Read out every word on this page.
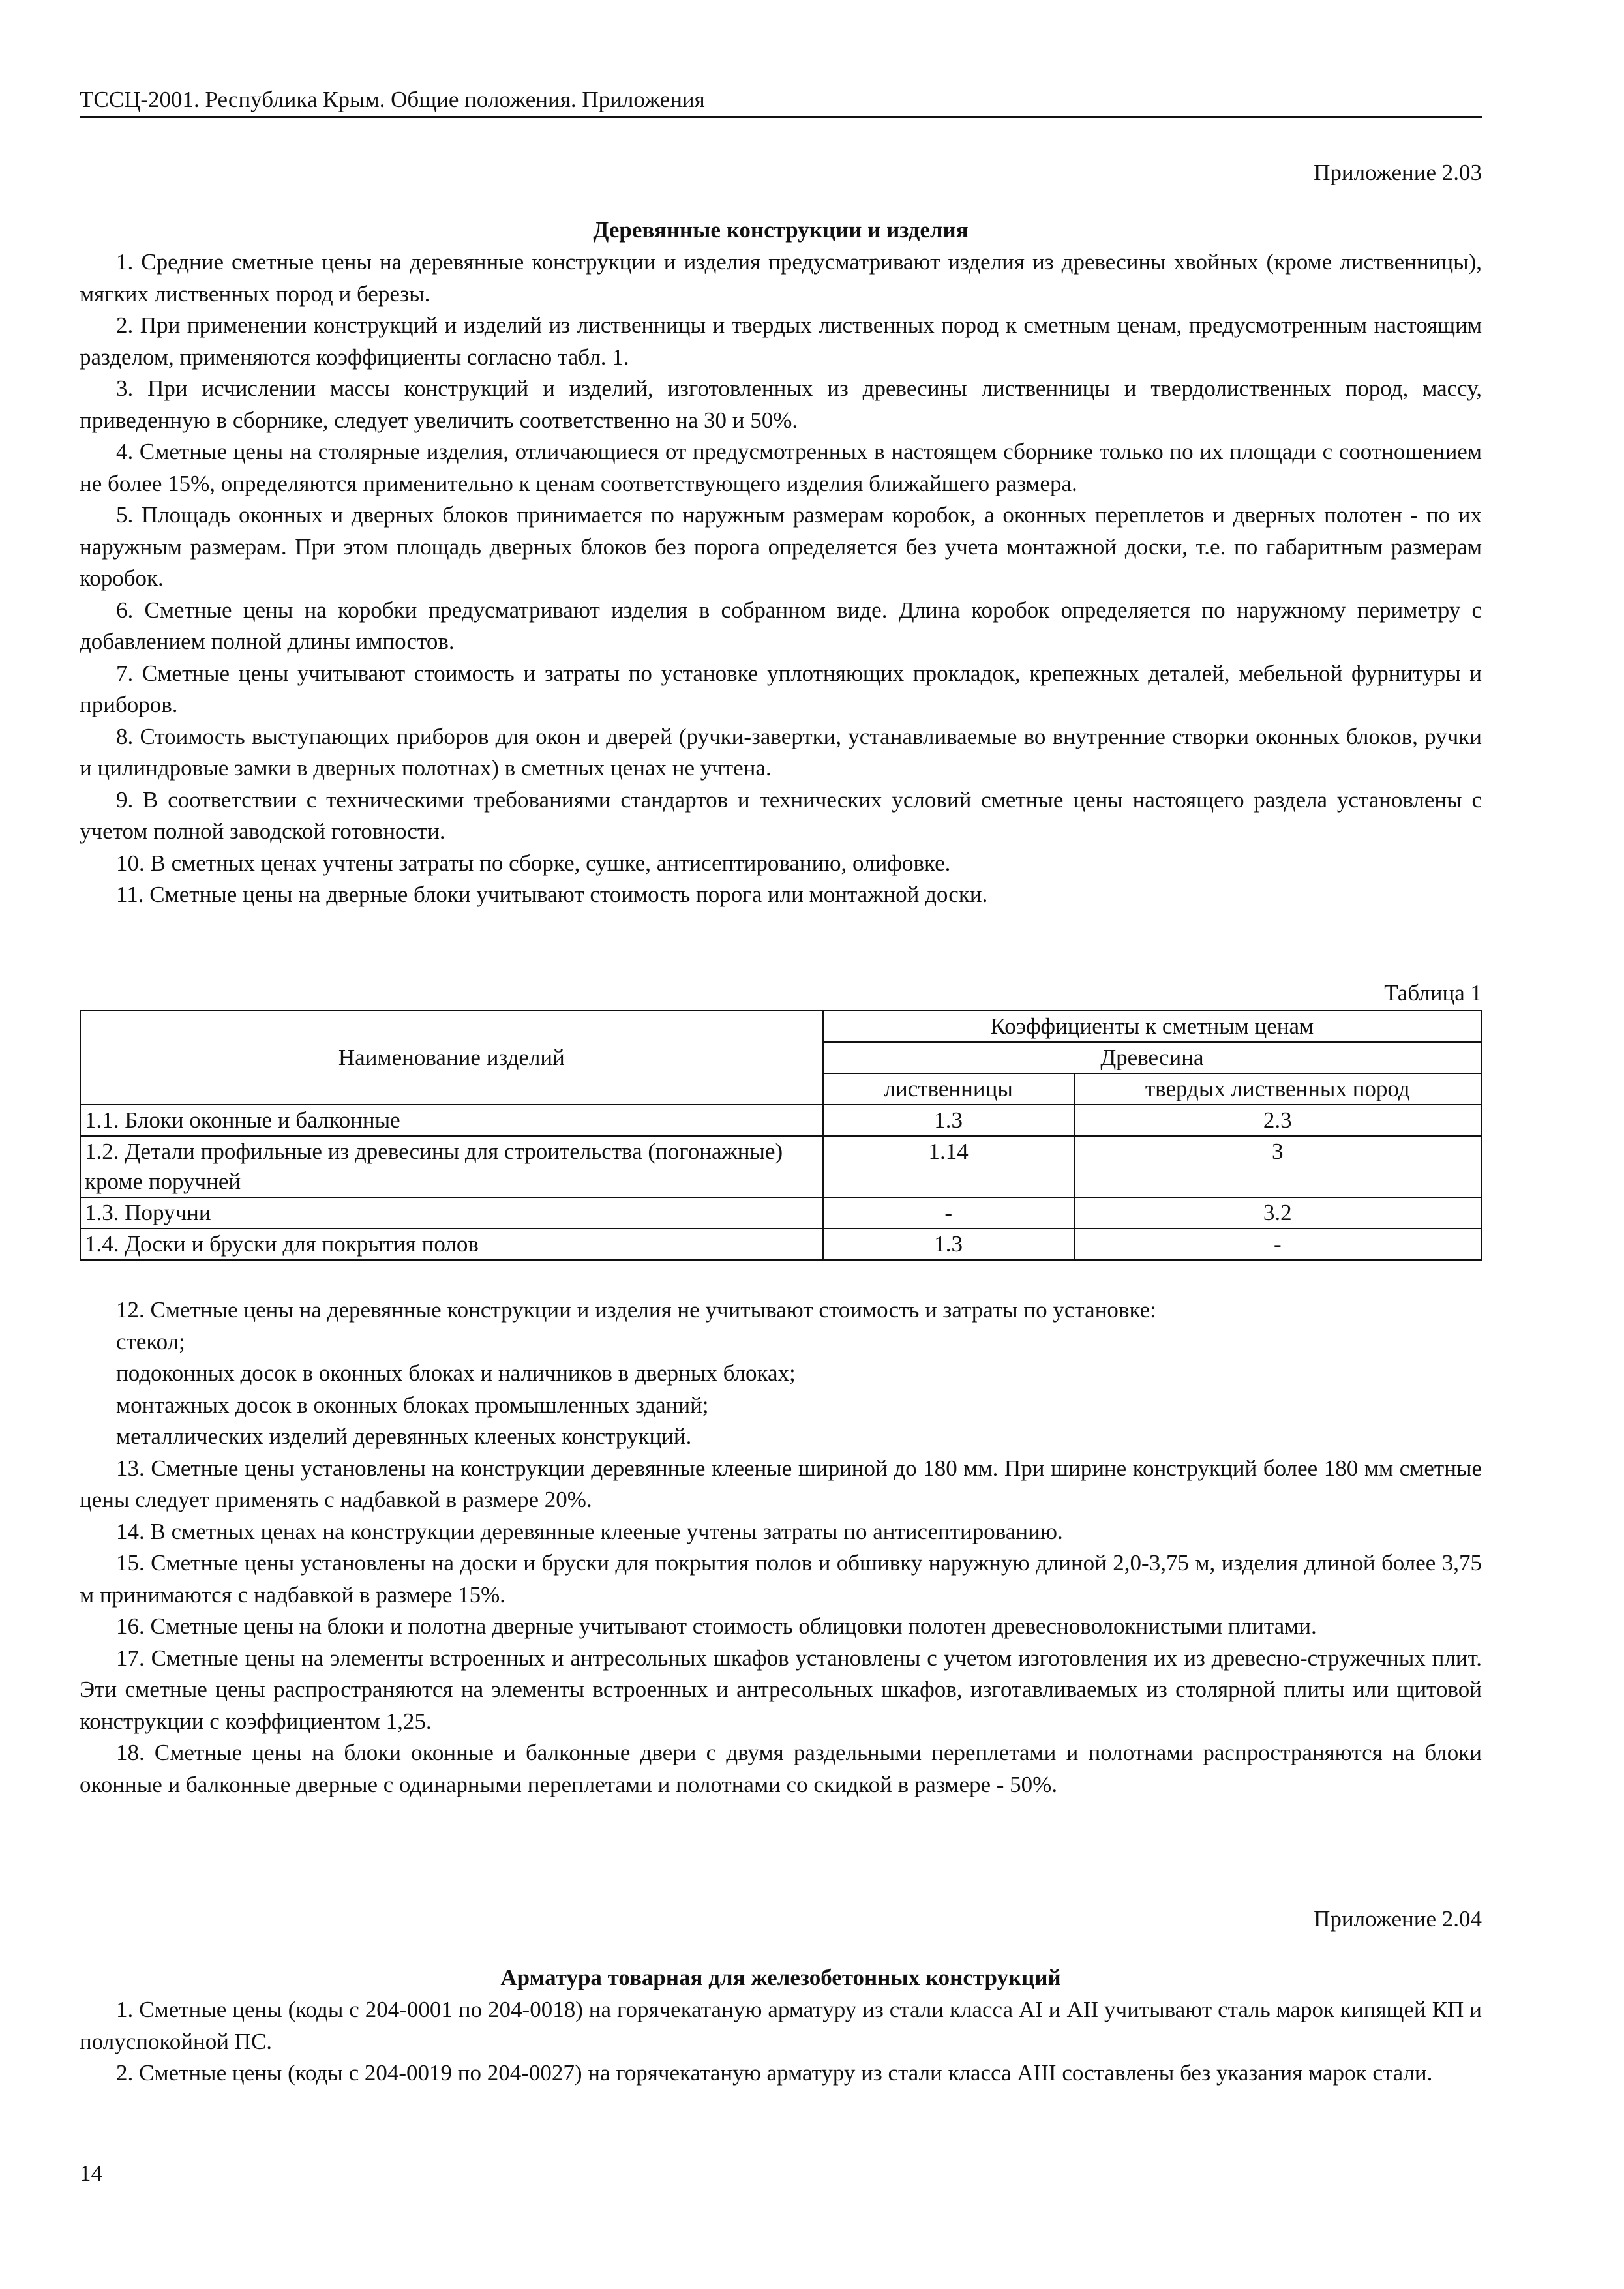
ТССЦ-2001. Республика Крым. Общие положения. Приложения
Приложение 2.03
Деревянные конструкции и изделия

1. Средние сметные цены на деревянные конструкции и изделия предусматривают изделия из древесины хвойных (кроме лиственницы), мягких лиственных пород и березы.

2. При применении конструкций и изделий из лиственницы и твердых лиственных пород к сметным ценам, предусмотренным настоящим разделом, применяются коэффициенты согласно табл. 1.

3. При исчислении массы конструкций и изделий, изготовленных из древесины лиственницы и твердолиственных пород, массу, приведенную в сборнике, следует увеличить соответственно на 30 и 50%.

4. Сметные цены на столярные изделия, отличающиеся от предусмотренных в настоящем сборнике только по их площади с соотношением не более 15%, определяются применительно к ценам соответствующего изделия ближайшего размера.

5. Площадь оконных и дверных блоков принимается по наружным размерам коробок, а оконных переплетов и дверных полотен - по их наружным размерам. При этом площадь дверных блоков без порога определяется без учета монтажной доски, т.е. по габаритным размерам коробок.

6. Сметные цены на коробки предусматривают изделия в собранном виде. Длина коробок определяется по наружному периметру с добавлением полной длины импостов.

7. Сметные цены учитывают стоимость и затраты по установке уплотняющих прокладок, крепежных деталей, мебельной фурнитуры и приборов.

8. Стоимость выступающих приборов для окон и дверей (ручки-завертки, устанавливаемые во внутренние створки оконных блоков, ручки и цилиндровые замки в дверных полотнах) в сметных ценах не учтена.

9. В соответствии с техническими требованиями стандартов и технических условий сметные цены настоящего раздела установлены с учетом полной заводской готовности.

10. В сметных ценах учтены затраты по сборке, сушке, антисептированию, олифовке.

11. Сметные цены на дверные блоки учитывают стоимость порога или монтажной доски.

Таблица 1
Наименование изделий	Коэффициенты к сметным ценам	
	Древесина	
	лиственницы	твердых лиственных пород
1.1. Блоки оконные и балконные	1.3	2.3
1.2. Детали профильные из древесины для строительства (погонажные) кроме поручней	1.14	3
1.3. Поручни	-	3.2
1.4. Доски и бруски для покрытия полов	1.3	-

12. Сметные цены на деревянные конструкции и изделия не учитывают стоимость и затраты по установке:

стекол;

подоконных досок в оконных блоках и наличников в дверных блоках;

монтажных досок в оконных блоках промышленных зданий;

металлических изделий деревянных клееных конструкций.

13. Сметные цены установлены на конструкции деревянные клееные шириной до 180 мм. При ширине конструкций более 180 мм сметные цены следует применять с надбавкой в размере 20%.

14. В сметных ценах на конструкции деревянные клееные учтены затраты по антисептированию.

15. Сметные цены установлены на доски и бруски для покрытия полов и обшивку наружную длиной 2,0-3,75 м, изделия длиной более 3,75 м принимаются с надбавкой в размере 15%.

16. Сметные цены на блоки и полотна дверные учитывают стоимость облицовки полотен древесноволокнистыми плитами.

17. Сметные цены на элементы встроенных и антресольных шкафов установлены с учетом изготовления их из древесно-стружечных плит. Эти сметные цены распространяются на элементы встроенных и антресольных шкафов, изготавливаемых из столярной плиты или щитовой конструкции с коэффициентом 1,25.

18. Сметные цены на блоки оконные и балконные двери с двумя раздельными переплетами и полотнами распространяются на блоки оконные и балконные дверные с одинарными переплетами и полотнами со скидкой в размере - 50%.

Приложение 2.04
Арматура товарная для железобетонных конструкций

1. Сметные цены (коды с 204-0001 по 204-0018) на горячекатаную арматуру из стали класса AI и AII учитывают сталь марок кипящей КП и полуспокойной ПС.

2. Сметные цены (коды с 204-0019 по 204-0027) на горячекатаную арматуру из стали класса AIII составлены без указания марок стали.

14
